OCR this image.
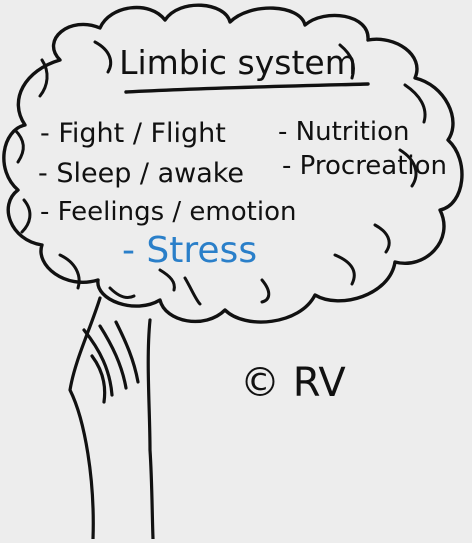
Limbic system
- Fight / Flight
- Sleep / awake
- Feelings / emotion
- Nutrition
- Procreation
- Stress
© RV
